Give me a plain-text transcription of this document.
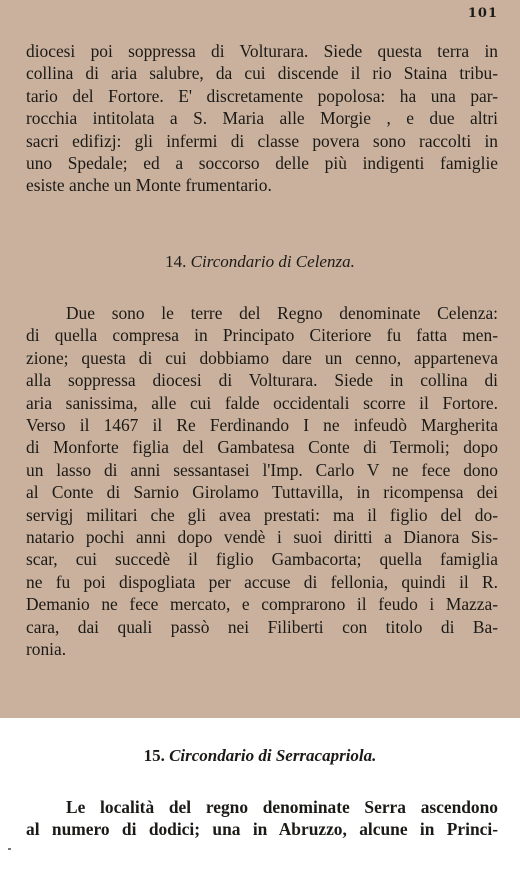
101
diocesi poi soppressa di Volturara. Siede questa terra in
collina di aria salubre, da cui discende il rio Staina tribu-
tario del Fortore. E' discretamente popolosa: ha una par-
rocchia intitolata a S. Maria alle Morgie , e due altri
sacri edifizj: gli infermi di classe povera sono raccolti in
uno Spedale; ed a soccorso delle più indigenti famiglie
esiste anche un Monte frumentario.
14. Circondario di Celenza.
Due sono le terre del Regno denominate Celenza:
di quella compresa in Principato Citeriore fu fatta men-
zione; questa di cui dobbiamo dare un cenno, apparteneva
alla soppressa diocesi di Volturara. Siede in collina di
aria sanissima, alle cui falde occidentali scorre il Fortore.
Verso il 1467 il Re Ferdinando I ne infeudò Margherita
di Monforte figlia del Gambatesa Conte di Termoli; dopo
un lasso di anni sessantasei l'Imp. Carlo V ne fece dono
al Conte di Sarnio Girolamo Tuttavilla, in ricompensa dei
servigj militari che gli avea prestati: ma il figlio del do-
natario pochi anni dopo vendè i suoi diritti a Dianora Sis-
scar, cui succedè il figlio Gambacorta; quella famiglia
ne fu poi dispogliata per accuse di fellonia, quindi il R.
Demanio ne fece mercato, e comprarono il feudo i Mazza-
cara, dai quali passò nei Filiberti con titolo di Ba-
ronia.
15. Circondario di Serracapriola.
Le località del regno denominate Serra ascendono
al numero di dodici; una in Abruzzo, alcune in Princi-
